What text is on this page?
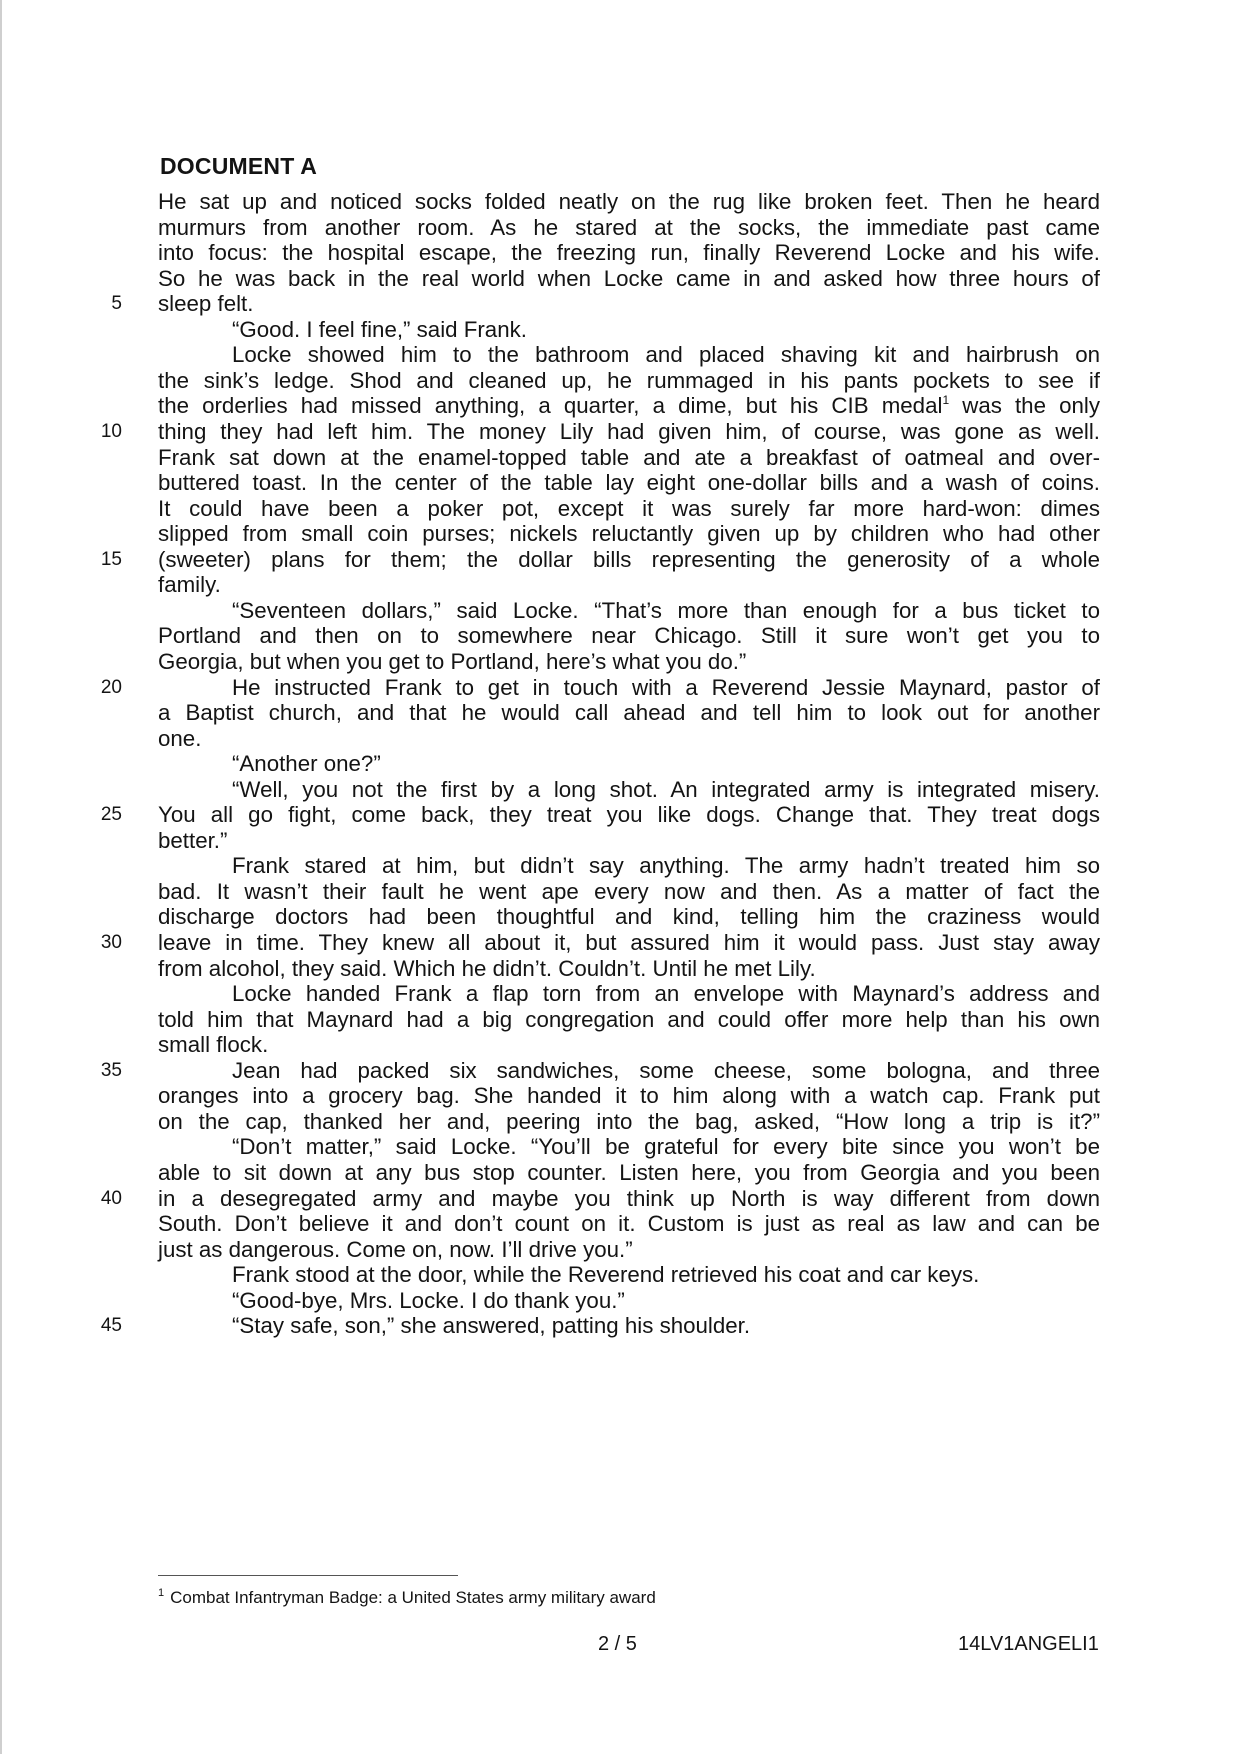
DOCUMENT A
He sat up and noticed socks folded neatly on the rug like broken feet. Then he heard
murmurs from another room. As he stared at the socks, the immediate past came
into focus: the hospital escape, the freezing run, finally Reverend Locke and his wife.
So he was back in the real world when Locke came in and asked how three hours of
5 sleep felt.
“Good. I feel fine,” said Frank.
Locke showed him to the bathroom and placed shaving kit and hairbrush on
the sink’s ledge. Shod and cleaned up, he rummaged in his pants pockets to see if
the orderlies had missed anything, a quarter, a dime, but his CIB medal$^1$ was the only
10 thing they had left him. The money Lily had given him, of course, was gone as well.
Frank sat down at the enamel-topped table and ate a breakfast of oatmeal and over-
buttered toast. In the center of the table lay eight one-dollar bills and a wash of coins.
It could have been a poker pot, except it was surely far more hard-won: dimes
slipped from small coin purses; nickels reluctantly given up by children who had other
15 (sweeter) plans for them; the dollar bills representing the generosity of a whole
family.
“Seventeen dollars,” said Locke. “That’s more than enough for a bus ticket to
Portland and then on to somewhere near Chicago. Still it sure won’t get you to
Georgia, but when you get to Portland, here’s what you do.”
20	He instructed Frank to get in touch with a Reverend Jessie Maynard, pastor of
a Baptist church, and that he would call ahead and tell him to look out for another
one.
“Another one?”
“Well, you not the first by a long shot. An integrated army is integrated misery.
25 You all go fight, come back, they treat you like dogs. Change that. They treat dogs
better.”
Frank stared at him, but didn’t say anything. The army hadn’t treated him so
bad. It wasn’t their fault he went ape every now and then. As a matter of fact the
discharge doctors had been thoughtful and kind, telling him the craziness would
30 leave in time. They knew all about it, but assured him it would pass. Just stay away
from alcohol, they said. Which he didn’t. Couldn’t. Until he met Lily.
Locke handed Frank a flap torn from an envelope with Maynard’s address and
told him that Maynard had a big congregation and could offer more help than his own
small flock.
35	Jean had packed six sandwiches, some cheese, some bologna, and three
oranges into a grocery bag. She handed it to him along with a watch cap. Frank put
on the cap, thanked her and, peering into the bag, asked, “How long a trip is it?”
“Don’t matter,” said Locke. “You’ll be grateful for every bite since you won’t be
able to sit down at any bus stop counter. Listen here, you from Georgia and you been
40 in a desegregated army and maybe you think up North is way different from down
South. Don’t believe it and don’t count on it. Custom is just as real as law and can be
just as dangerous. Come on, now. I’ll drive you.”
Frank stood at the door, while the Reverend retrieved his coat and car keys.
“Good-bye, Mrs. Locke. I do thank you.”
45	“Stay safe, son,” she answered, patting his shoulder.
$^1$ Combat Infantryman Badge: a United States army military award
2 / 5	14LV1ANGELI1
